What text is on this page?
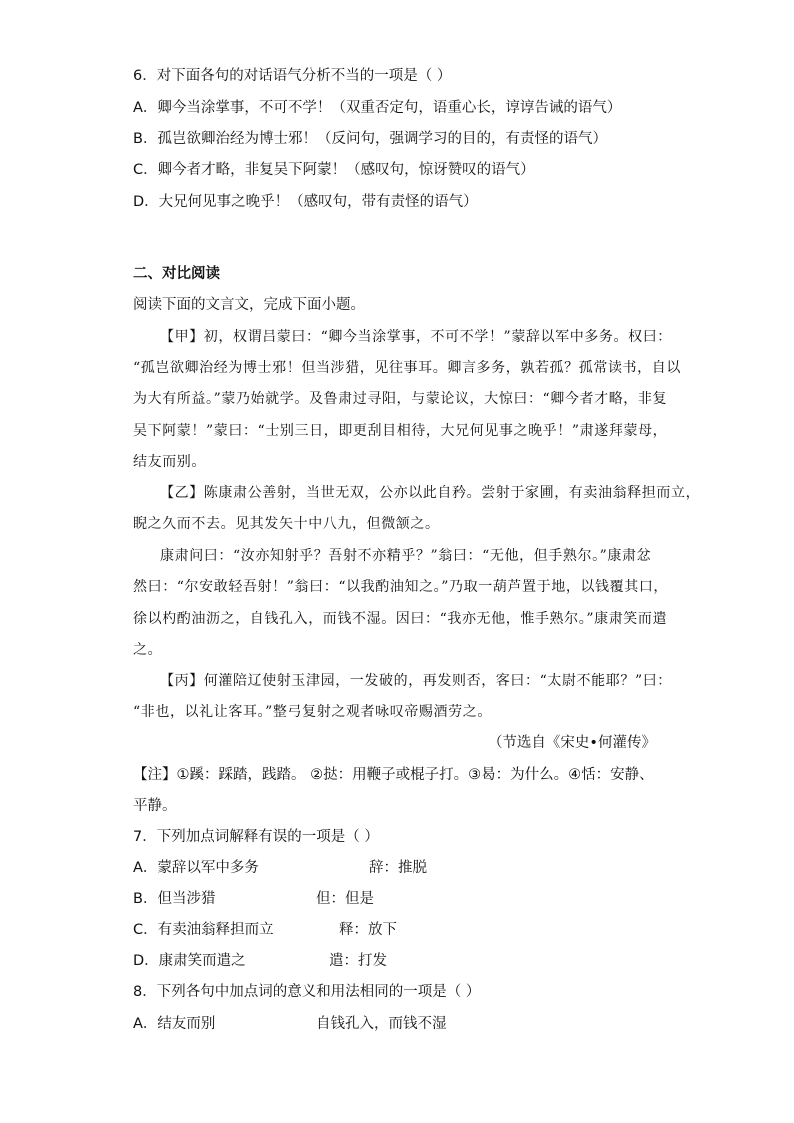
6．对下面各句的对话语气分析不当的一项是（ ）
A．卿今当涂掌事，不可不学！（双重否定句，语重心长，谆谆告诫的语气）
B．孤岂欲卿治经为博士邪！（反问句，强调学习的目的，有责怪的语气）
C．卿今者才略，非复吴下阿蒙！（感叹句，惊讶赞叹的语气）
D．大兄何见事之晚乎！（感叹句，带有责怪的语气）
二、对比阅读
阅读下面的文言文，完成下面小题。
【甲】初，权谓吕蒙曰：“卿今当涂掌事，不可不学！”蒙辞以军中多务。权曰：
“孤岂欲卿治经为博士邪！但当涉猎，见往事耳。卿言多务，孰若孤？孤常读书，自以
为大有所益。”蒙乃始就学。及鲁肃过寻阳，与蒙论议，大惊曰：“卿今者才略，非复
吴下阿蒙！”蒙曰：“士别三日，即更刮目相待，大兄何见事之晚乎！”肃遂拜蒙母，
结友而别。
【乙】陈康肃公善射，当世无双，公亦以此自矜。尝射于家圃，有卖油翁释担而立，
睨之久而不去。见其发矢十中八九，但微颔之。
康肃问曰：“汝亦知射乎？吾射不亦精乎？”翁曰：“无他，但手熟尔。”康肃忿
然曰：“尔安敢轻吾射！”翁曰：“以我酌油知之。”乃取一葫芦置于地，以钱覆其口，
徐以杓酌油沥之，自钱孔入，而钱不湿。因曰：“我亦无他，惟手熟尔。”康肃笑而遣
之。
【丙】何灌陪辽使射玉津园，一发破的，再发则否，客曰：“太尉不能耶？”曰：
“非也，以礼让客耳。”整弓复射之观者咏叹帝赐酒劳之。
（节选自《宋史•何灌传》
【注】①蹊：踩踏，践踏。 ②挞：用鞭子或棍子打。③曷：为什么。④恬：安静、
平静。
7．下列加点词解释有误的一项是（ ）
A．蒙辞以军中多务	辞：推脱
B．但当涉猎	但：但是
C．有卖油翁释担而立	释：放下
D．康肃笑而遣之	遣：打发
8．下列各句中加点词的意义和用法相同的一项是（ ）
A．结友而别	自钱孔入，而钱不湿
